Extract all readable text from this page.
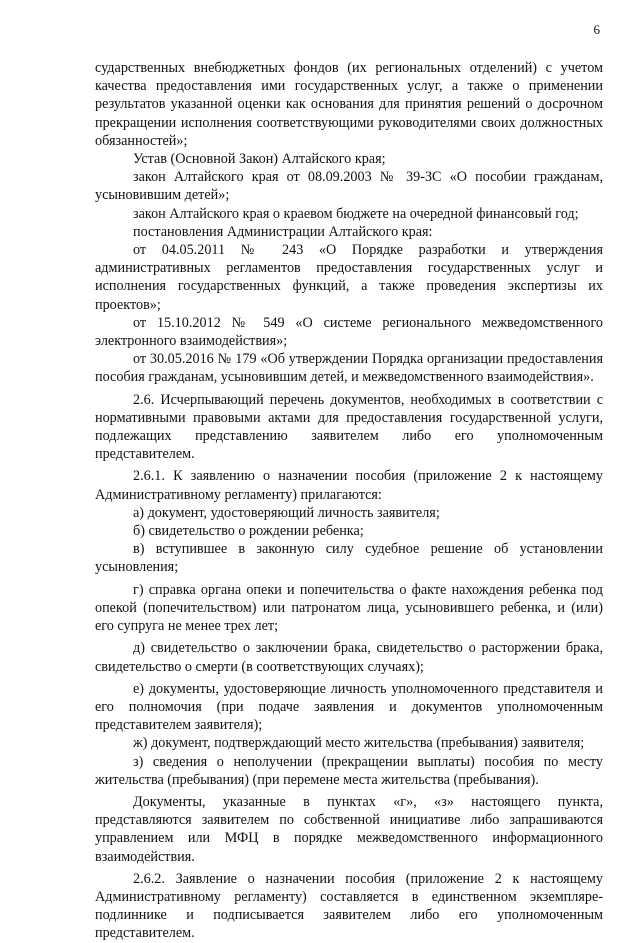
6

сударственных внебюджетных фондов (их региональных отделений) с учетом качества предоставления ими государственных услуг, а также о применении результатов указанной оценки как основания для принятия решений о досрочном прекращении исполнения соответствующими руководителями своих должностных обязанностей»;

Устав (Основной Закон) Алтайского края;

закон Алтайского края от 08.09.2003 № 39-ЗС «О пособии гражданам, усыновившим детей»;

закон Алтайского края о краевом бюджете на очередной финансовый год;

постановления Администрации Алтайского края:

от 04.05.2011 № 243 «О Порядке разработки и утверждения административных регламентов предоставления государственных услуг и исполнения государственных функций, а также проведения экспертизы их проектов»;

от 15.10.2012 № 549 «О системе регионального межведомственного электронного взаимодействия»;

от 30.05.2016 № 179 «Об утверждении Порядка организации предоставления пособия гражданам, усыновившим детей, и межведомственного взаимодействия».

2.6. Исчерпывающий перечень документов, необходимых в соответствии с нормативными правовыми актами для предоставления государственной услуги, подлежащих представлению заявителем либо его уполномоченным представителем.

2.6.1. К заявлению о назначении пособия (приложение 2 к настоящему Административному регламенту) прилагаются:

а) документ, удостоверяющий личность заявителя;

б) свидетельство о рождении ребенка;

в) вступившее в законную силу судебное решение об установлении усыновления;

г) справка органа опеки и попечительства о факте нахождения ребенка под опекой (попечительством) или патронатом лица, усыновившего ребенка, и (или) его супруга не менее трех лет;

д) свидетельство о заключении брака, свидетельство о расторжении брака, свидетельство о смерти (в соответствующих случаях);

е) документы, удостоверяющие личность уполномоченного представителя и его полномочия (при подаче заявления и документов уполномоченным представителем заявителя);

ж) документ, подтверждающий место жительства (пребывания) заявителя;

з) сведения о неполучении (прекращении выплаты) пособия по месту жительства (пребывания) (при перемене места жительства (пребывания).

Документы, указанные в пунктах «г», «з» настоящего пункта, представляются заявителем по собственной инициативе либо запрашиваются управлением или МФЦ в порядке межведомственного информационного взаимодействия.

2.6.2. Заявление о назначении пособия (приложение 2 к настоящему Административному регламенту) составляется в единственном экземпляре-подлиннике и подписывается заявителем либо его уполномоченным представителем.
